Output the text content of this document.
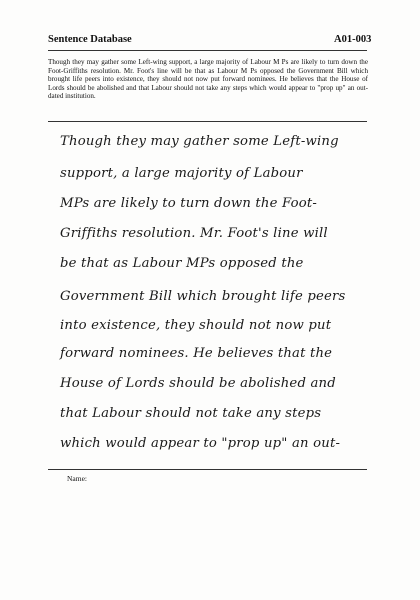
Sentence Database	A01-003
Though they may gather some Left-wing support, a large majority of Labour M Ps are likely to turn down the Foot-Griffiths resolution. Mr. Foot's line will be that as Labour M Ps opposed the Government Bill which brought life peers into existence, they should not now put forward nominees. He believes that the House of Lords should be abolished and that Labour should not take any steps which would appear to "prop up" an out-dated institution.
Though they may gather some Left-wing
support, a large majority of Labour
MPs are likely to turn down the Foot-
Griffiths resolution. Mr. Foot's line will
be that as Labour MPs opposed the
Government Bill which brought life peers
into existence, they should not now put
forward nominees. He believes that the
House of Lords should be abolished and
that Labour should not take any steps
which would appear to "prop up" an out-
Name:
